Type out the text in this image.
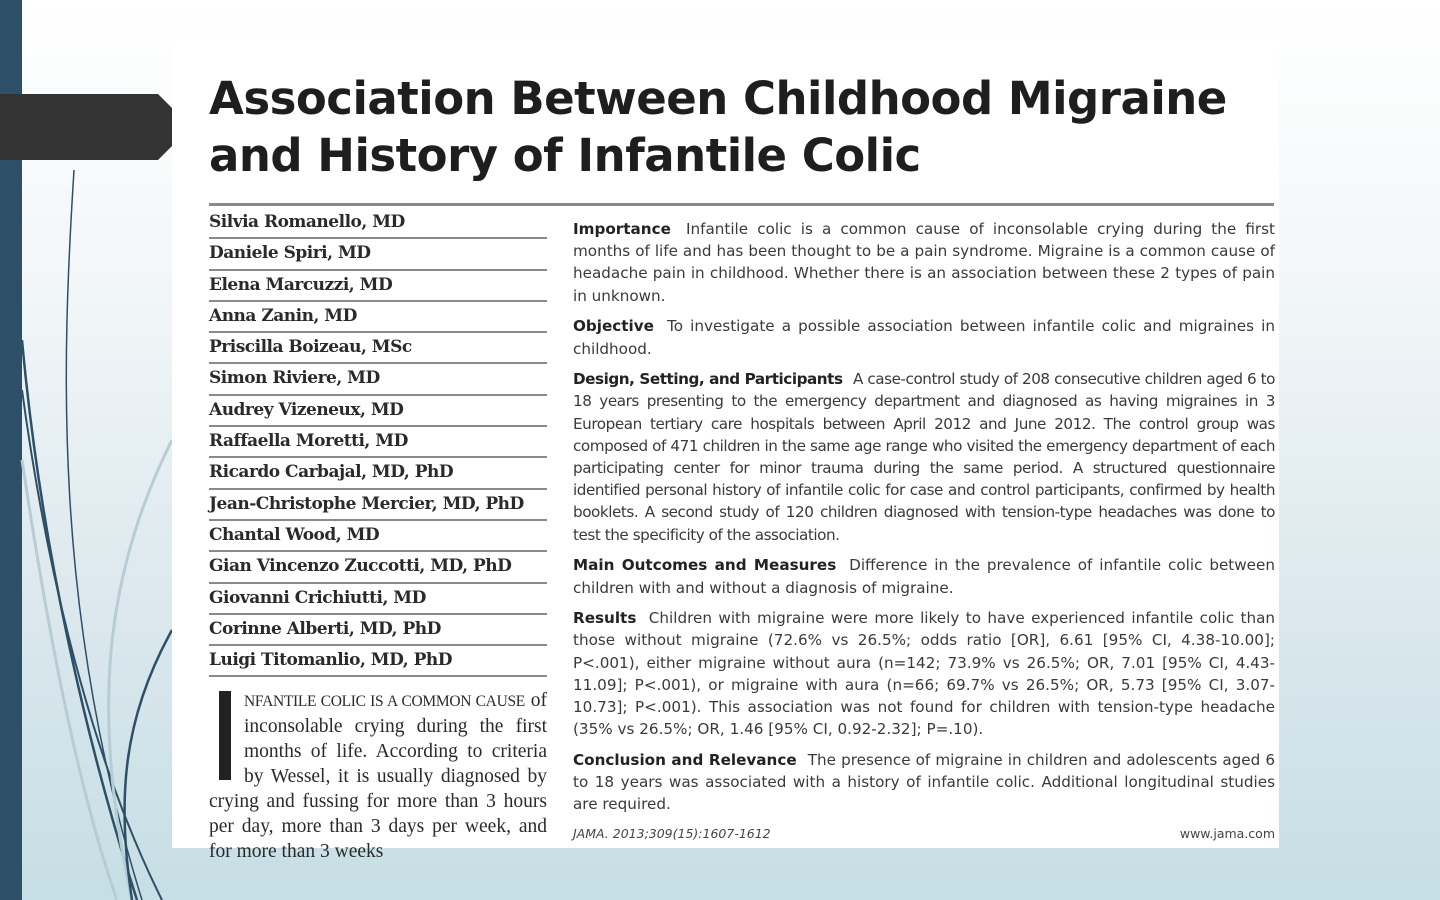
Association Between Childhood Migraine and History of Infantile Colic
Silvia Romanello, MD
Daniele Spiri, MD
Elena Marcuzzi, MD
Anna Zanin, MD
Priscilla Boizeau, MSc
Simon Riviere, MD
Audrey Vizeneux, MD
Raffaella Moretti, MD
Ricardo Carbajal, MD, PhD
Jean-Christophe Mercier, MD, PhD
Chantal Wood, MD
Gian Vincenzo Zuccotti, MD, PhD
Giovanni Crichiutti, MD
Corinne Alberti, MD, PhD
Luigi Titomanlio, MD, PhD
NFANTILE COLIC IS A COMMON CAUSE of inconsolable crying during the first months of life. According to criteria by Wessel, it is usually diagnosed by crying and fussing for more than 3 hours per day, more than 3 days per week, and for more than 3 weeks
Importance Infantile colic is a common cause of inconsolable crying during the first months of life and has been thought to be a pain syndrome. Migraine is a common cause of headache pain in childhood. Whether there is an association between these 2 types of pain in unknown.
Objective To investigate a possible association between infantile colic and migraines in childhood.
Design, Setting, and Participants A case-control study of 208 consecutive children aged 6 to 18 years presenting to the emergency department and diagnosed as having migraines in 3 European tertiary care hospitals between April 2012 and June 2012. The control group was composed of 471 children in the same age range who visited the emergency department of each participating center for minor trauma during the same period. A structured questionnaire identified personal history of infantile colic for case and control participants, confirmed by health booklets. A second study of 120 children diagnosed with tension-type headaches was done to test the specificity of the association.
Main Outcomes and Measures Difference in the prevalence of infantile colic between children with and without a diagnosis of migraine.
Results Children with migraine were more likely to have experienced infantile colic than those without migraine (72.6% vs 26.5%; odds ratio [OR], 6.61 [95% CI, 4.38-10.00]; P<.001), either migraine without aura (n=142; 73.9% vs 26.5%; OR, 7.01 [95% CI, 4.43-11.09]; P<.001), or migraine with aura (n=66; 69.7% vs 26.5%; OR, 5.73 [95% CI, 3.07-10.73]; P<.001). This association was not found for children with tension-type headache (35% vs 26.5%; OR, 1.46 [95% CI, 0.92-2.32]; P=.10).
Conclusion and Relevance The presence of migraine in children and adolescents aged 6 to 18 years was associated with a history of infantile colic. Additional longitudinal studies are required.
JAMA. 2013;309(15):1607-1612	www.jama.com
